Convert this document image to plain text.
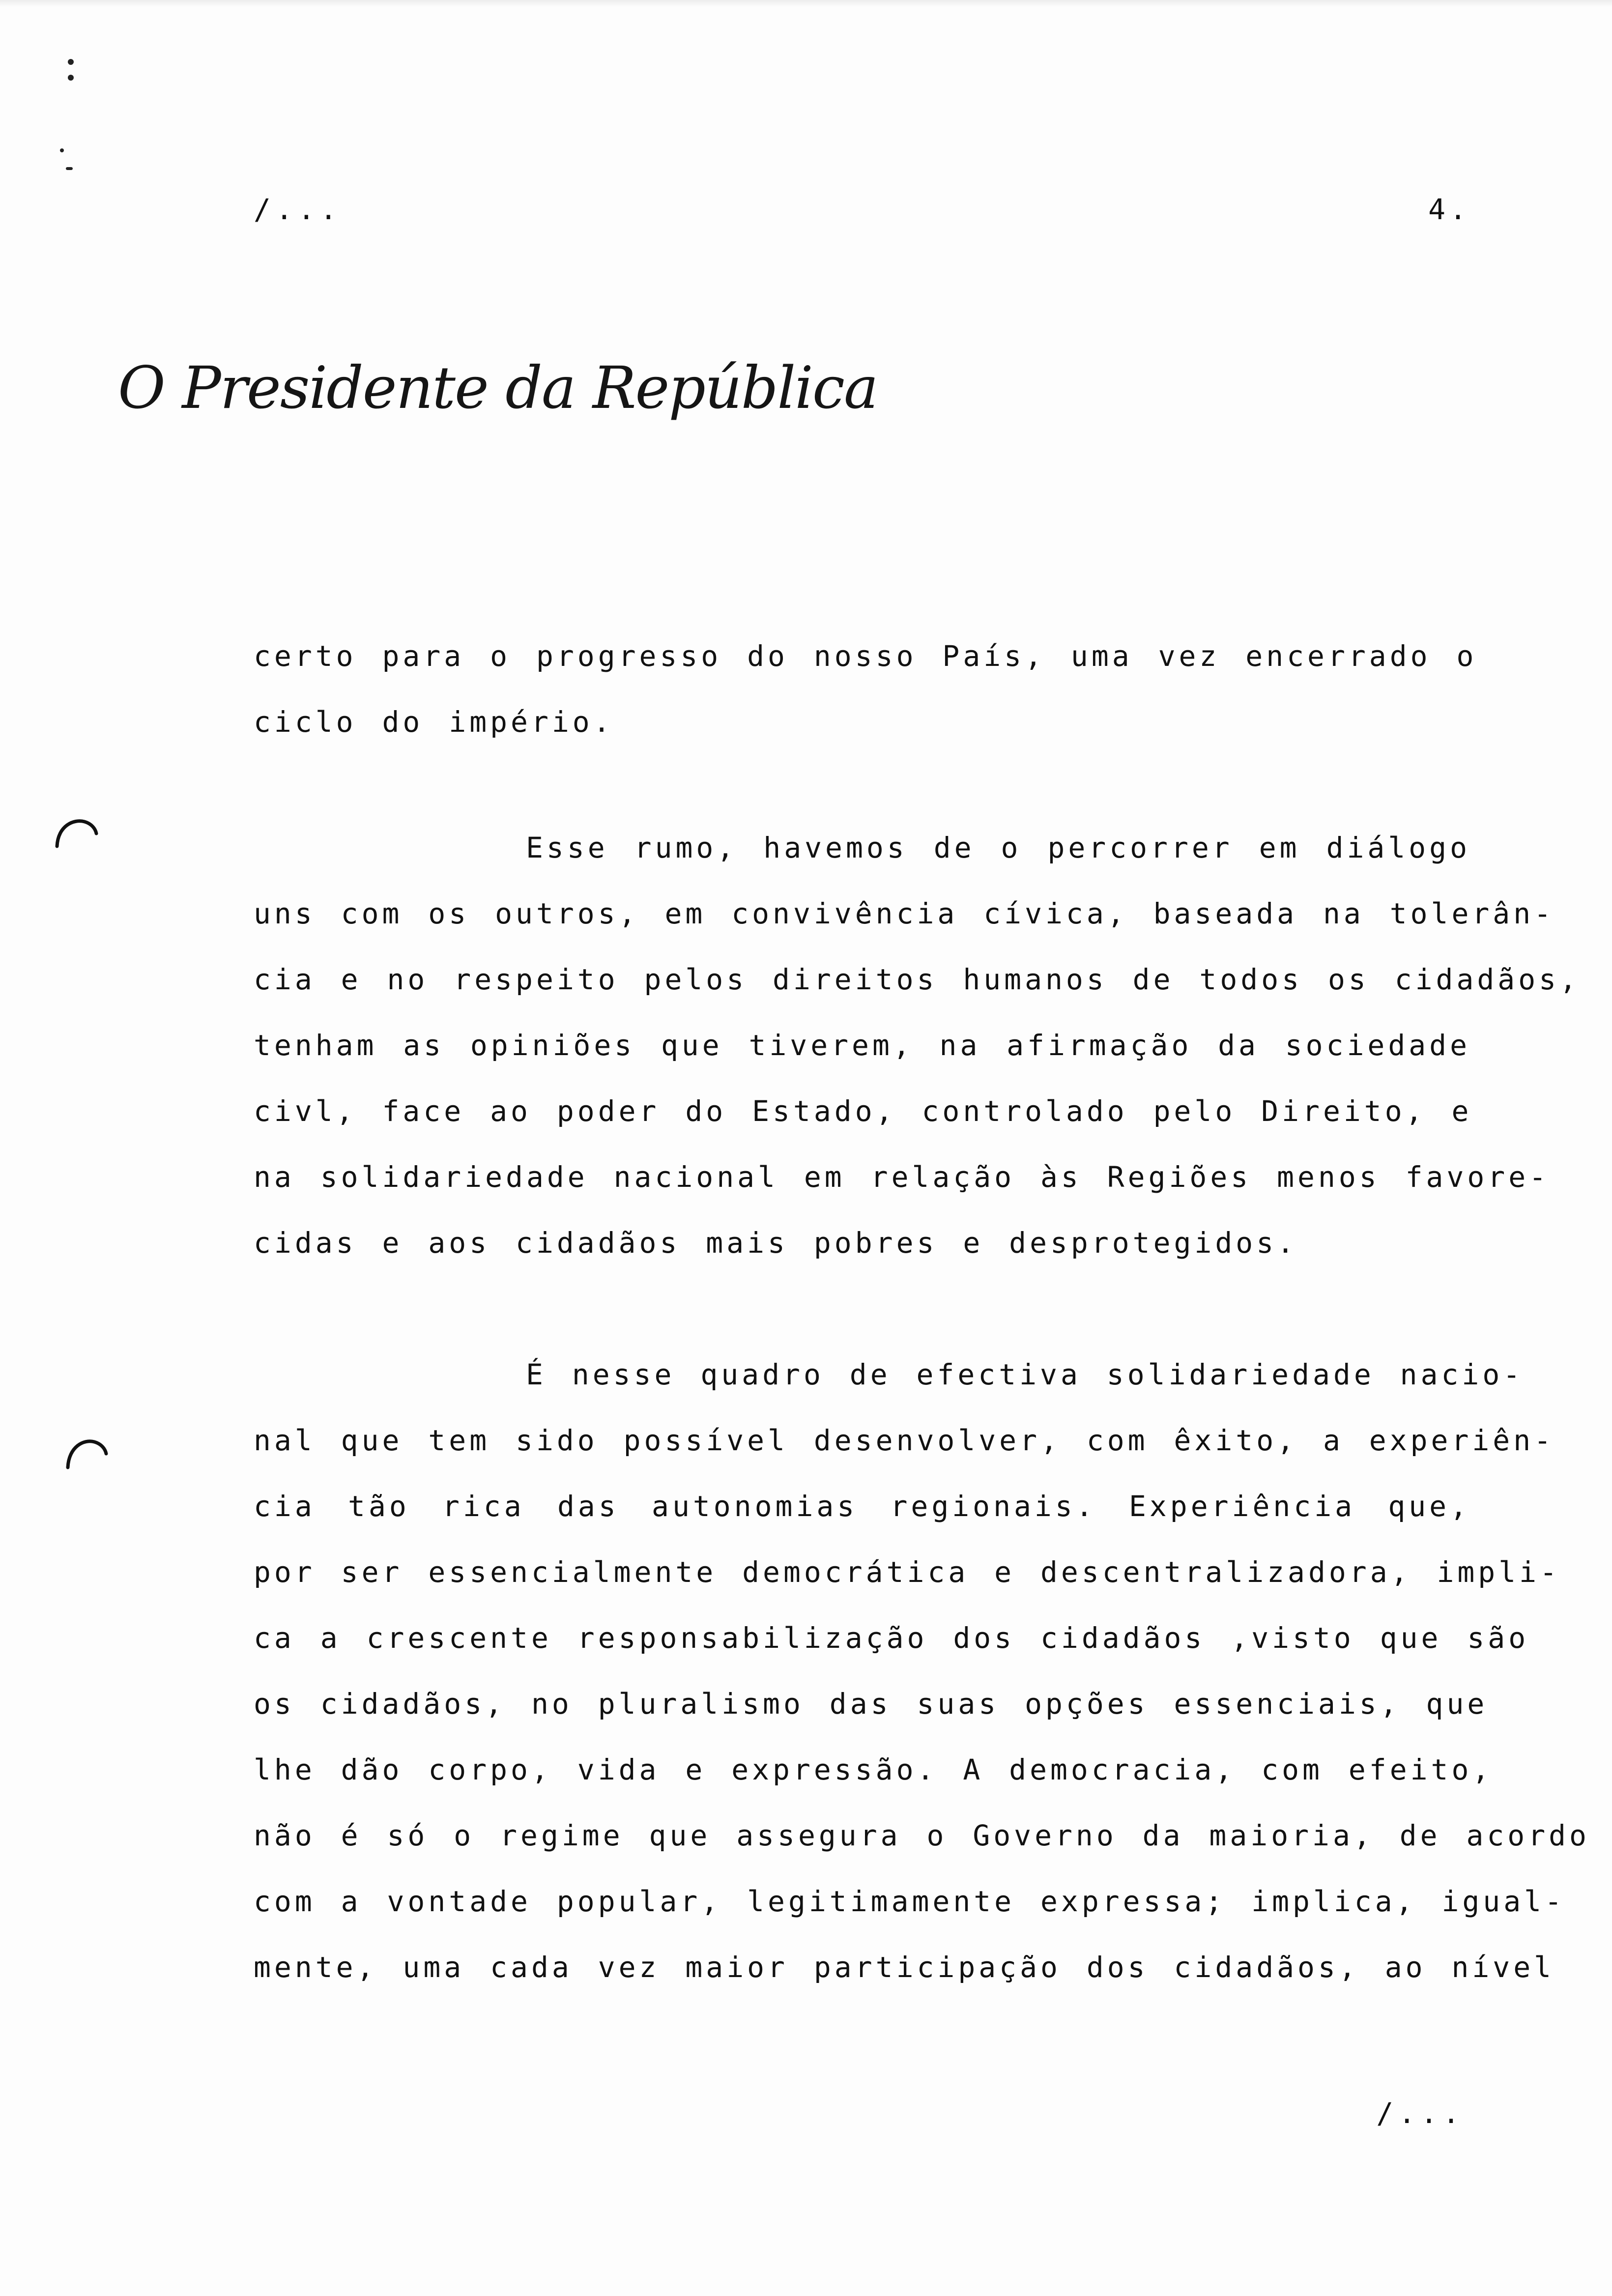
/...	4.
O Presidente da República
certo para o progresso do nosso País, uma vez encerrado o
ciclo do império.
Esse rumo, havemos de o percorrer em diálogo
uns com os outros, em convivência cívica, baseada na tolerân-
cia e no respeito pelos direitos humanos de todos os cidadãos,
tenham as opiniões que tiverem, na afirmação da sociedade
civl, face ao poder do Estado, controlado pelo Direito, e
na solidariedade nacional em relação às Regiões menos favore-
cidas e aos cidadãos mais pobres e desprotegidos.
É nesse quadro de efectiva solidariedade nacio-
nal que tem sido possível desenvolver, com êxito, a experiên-
cia tão rica das autonomias regionais. Experiência que,
por ser essencialmente democrática e descentralizadora, impli-
ca a crescente responsabilização dos cidadãos ,visto que são
os cidadãos, no pluralismo das suas opções essenciais, que
lhe dão corpo, vida e expressão. A democracia, com efeito,
não é só o regime que assegura o Governo da maioria, de acordo
com a vontade popular, legitimamente expressa; implica, igual-
mente, uma cada vez maior participação dos cidadãos, ao nível
/...
